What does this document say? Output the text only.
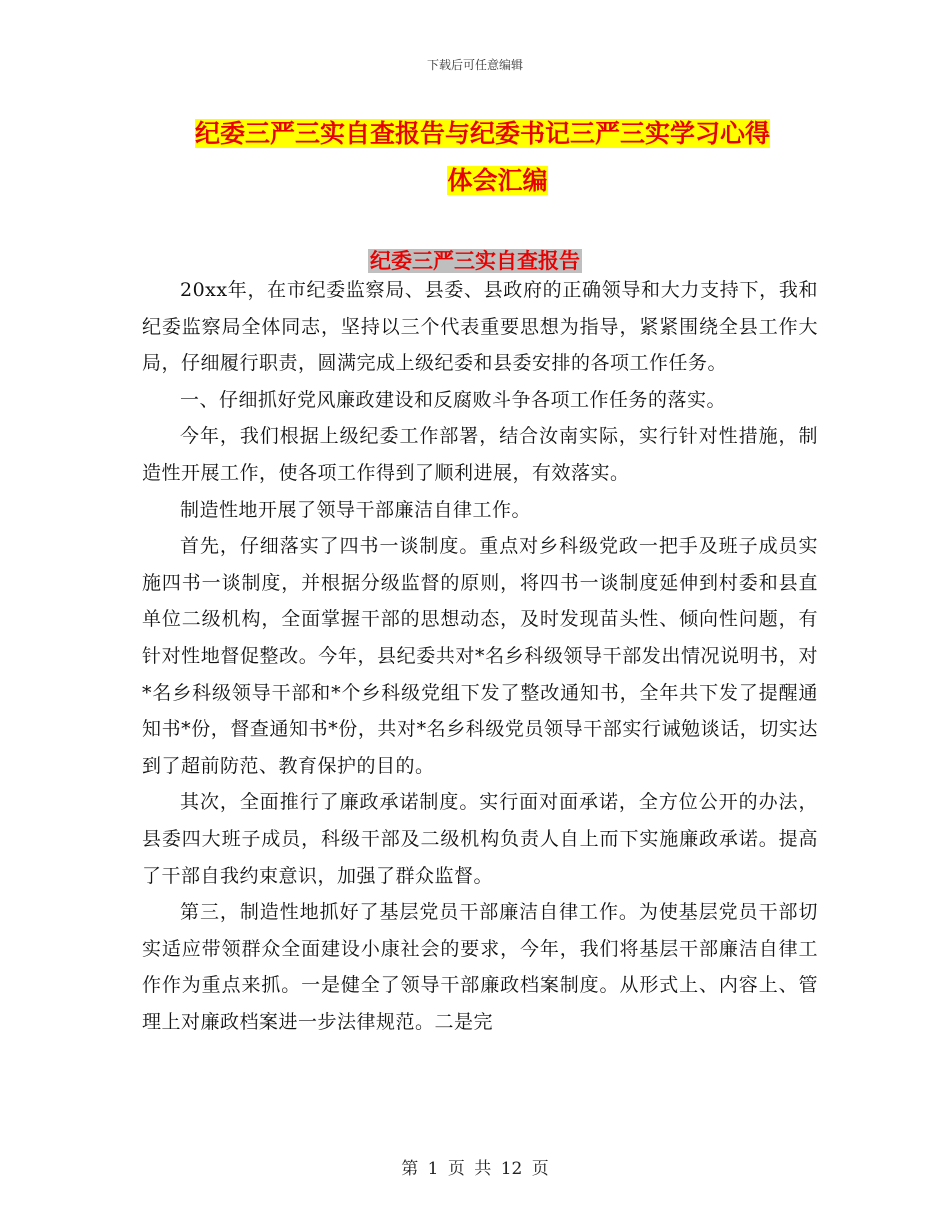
下载后可任意编辑
纪委三严三实自查报告与纪委书记三严三实学习心得
体会汇编
纪委三严三实自查报告

20xx年，在市纪委监察局、县委、县政府的正确领导和大力支持下，我和纪委监察局全体同志，坚持以三个代表重要思想为指导，紧紧围绕全县工作大局，仔细履行职责，圆满完成上级纪委和县委安排的各项工作任务。

一、仔细抓好党风廉政建设和反腐败斗争各项工作任务的落实。

今年，我们根据上级纪委工作部署，结合汝南实际，实行针对性措施，制造性开展工作，使各项工作得到了顺利进展，有效落实。

制造性地开展了领导干部廉洁自律工作。

首先，仔细落实了四书一谈制度。重点对乡科级党政一把手及班子成员实施四书一谈制度，并根据分级监督的原则，将四书一谈制度延伸到村委和县直单位二级机构，全面掌握干部的思想动态，及时发现苗头性、倾向性问题，有针对性地督促整改。今年，县纪委共对*名乡科级领导干部发出情况说明书，对*名乡科级领导干部和*个乡科级党组下发了整改通知书，全年共下发了提醒通知书*份，督查通知书*份，共对*名乡科级党员领导干部实行诫勉谈话，切实达到了超前防范、教育保护的目的。

其次，全面推行了廉政承诺制度。实行面对面承诺，全方位公开的办法，县委四大班子成员，科级干部及二级机构负责人自上而下实施廉政承诺。提高了干部自我约束意识，加强了群众监督。

第三，制造性地抓好了基层党员干部廉洁自律工作。为使基层党员干部切实适应带领群众全面建设小康社会的要求，今年，我们将基层干部廉洁自律工作作为重点来抓。一是健全了领导干部廉政档案制度。从形式上、内容上、管理上对廉政档案进一步法律规范。二是完

第 1 页 共 12 页
